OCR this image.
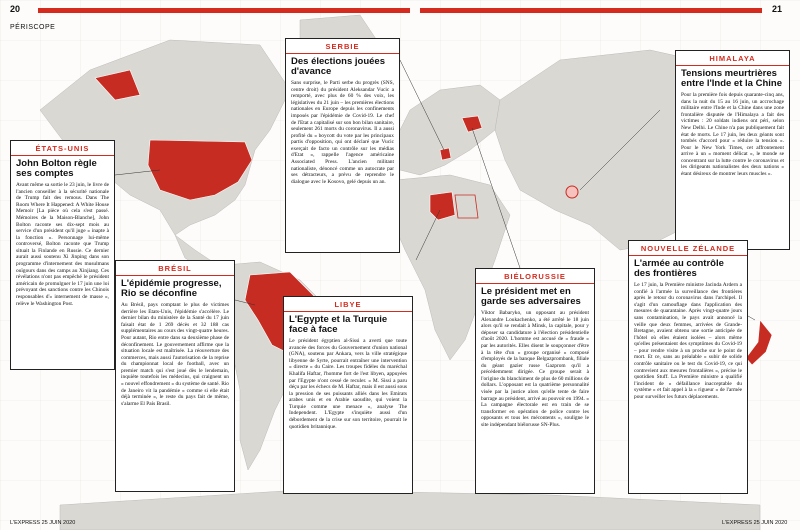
20	21
PÉRISCOPE
ÉTATS-UNIS
John Bolton règle ses comptes

Avant même sa sortie le 23 juin, le livre de l'ancien conseiller à la sécurité nationale de Trump fait des remous. Dans The Room Where It Happened: A White House Memoir [La pièce où cela s'est passé. Mémoires de la Maison-Blanche], John Bolton raconte ses dix-sept mois au service d'un président qu'il juge « inapte à la fonction ». Personnage lui-même controversé, Bolton raconte que Trump situait la Finlande en Russie. Ce dernier aurait aussi soutenu Xi Jinping dans son programme d'internement des musulmans ouïgours dans des camps au Xinjiang. Ces révélations n'ont pas empêché le président américain de promulguer le 17 juin une loi prévoyant des sanctions contre les Chinois responsables d'« internement de masse », relève le Washington Post.

BRÉSIL
L'épidémie progresse, Rio se déconfine

Au Brésil, pays comptant le plus de victimes derrière les Etats-Unis, l'épidémie s'accélère. Le dernier bilan du ministère de la Santé du 17 juin faisait état de 1 269 décès et 32 188 cas supplémentaires au cours des vingt-quatre heures. Pour autant, Rio entre dans sa deuxième phase de déconfinement. Le gouvernement affirme que la situation locale est maîtrisée. La réouverture des commerces, mais aussi l'autorisation de la reprise du championnat local de football, avec un premier match qui s'est joué dès le lendemain, inquiète toutefois les médecins, qui craignent un « nouvel effondrement » du système de santé. Rio de Janeiro vit la pandémie « comme si elle était déjà terminée », le reste du pays fait de même, s'alarme El País Brasil.

SERBIE
Des élections jouées d'avance

Sans surprise, le Parti serbe du progrès (SNS, centre droit) du président Aleksandar Vucic a remporté, avec plus de 60 % des voix, les législatives du 21 juin – les premières élections nationales en Europe depuis les confinements imposés par l'épidémie de Covid-19. Le chef de l'Etat a capitalisé sur son bon bilan sanitaire, seulement 261 morts du coronavirus. Il a aussi profité du « boycott du vote par les principaux partis d'opposition, qui ont déclaré que Vucic exerçait de facto un contrôle sur les médias d'Etat », rappelle l'agence américaine Associated Press. L'ancien militant nationaliste, dénoncé comme un autocrate par ses détracteurs, a prévu de reprendre le dialogue avec le Kosovo, gelé depuis un an.

LIBYE
L'Egypte et la Turquie face à face

Le président égyptien al-Sissi a averti que toute avancée des forces du Gouvernement d'union national (GNA), soutenu par Ankara, vers la ville stratégique libyenne de Syrte, pourrait entraîner une intervention « directe » du Caire. Les troupes fidèles du maréchal Khalifa Haftar, l'homme fort de l'est libyen, appuyées par l'Egypte n'ont cessé de reculer. « M. Sissi a paru déçu par les échecs de M. Haftar, mais il est aussi sous la pression de ses puissants alliés dans les Emirats arabes unis et en Arabie saoudite, qui voient la Turquie comme une menace », analyse The Independent. L'Egypte s'inquiète aussi d'un débordement de la crise sur son territoire, pourrait le quotidien britannique.

BIÉLORUSSIE
Le président met en garde ses adversaires

Viktor Babaryko, un opposant au président Alexandre Loukachenko, a été arrêté le 18 juin alors qu'il se rendait à Minsk, la capitale, pour y déposer sa candidature à l'élection présidentielle d'août 2020. L'homme est accusé de « fraude » par les autorités. Elles disent le soupçonner d'être à la tête d'un « groupe organisé » composé d'employés de la banque Belgazprombank, filiale du géant gazier russe Gazprom qu'il a précédemment dirigée. Ce groupe serait à l'origine du blanchiment de plus de 60 millions de dollars. L'opposant est la quatrième personnalité visée par la justice alors qu'elle tente de faire barrage au président, arrivé au pouvoir en 1994. « La campagne électorale est en train de se transformer en opération de police contre les opposants et tous les mécontents », souligne le site indépendant biélorusse SN-Plus.

HIMALAYA
Tensions meurtrières entre l'Inde et la Chine

Pour la première fois depuis quarante-cinq ans, dans la nuit du 15 au 16 juin, un accrochage militaire entre l'Inde et la Chine dans une zone frontalière disputée de l'Himalaya a fait des victimes : 20 soldats indiens ont péri, selon New Delhi. Le Chine n'a pas publiquement fait état de morts. Le 17 juin, les deux géants sont tombés d'accord pour « réduire la tension ». Pour le New York Times, cet affrontement arrive à un « moment délicat », le monde se concentrant sur la lutte contre le coronavirus et les dirigeants nationalistes des deux nations « étant désireux de montrer leurs muscles ».

NOUVELLE ZÉLANDE
L'armée au contrôle des frontières

Le 17 juin, la Première ministre Jacinda Ardern a confié à l'armée la surveillance des frontières après le retour du coronavirus dans l'archipel. Il s'agit d'un camouflage dans l'application des mesures de quarantaine. Après vingt-quatre jours sans contamination, le pays avait annoncé la veille que deux femmes, arrivées de Grande-Bretagne, avaient obtenu une sortie anticipée de l'hôtel où elles étaient isolées – alors même qu'elles présentaient des symptômes du Covid-19 – pour rendre visite à un proche sur le point de mort. Et ce, sans au préalable « subir de solide contrôle sanitaire ou le test du Covid-19, ce qui contrevient aux mesures frontalières », précise le quotidien Stuff. La Première ministre a qualifié l'incident de « défaillance inacceptable du système » et fait appel à la « rigueur » de l'armée pour surveiller les futurs déplacements.

L'EXPRESS 25 JUIN 2020	L'EXPRESS 25 JUIN 2020
